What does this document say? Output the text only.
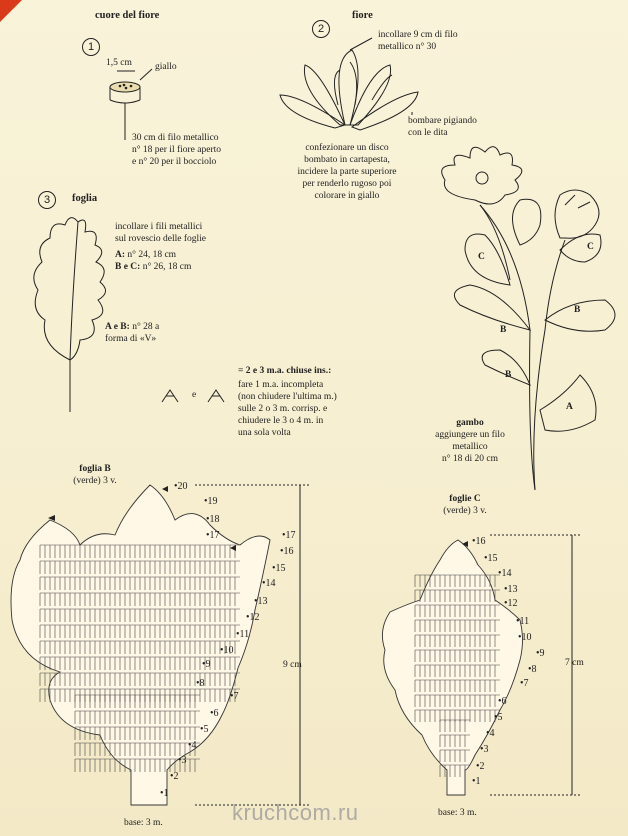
cuore del fiore	fiore
foglia
1
2
3
1,5 cm giallo
30 cm di filo metallico
n° 18 per il fiore aperto
e n° 20 per il bocciolo
incollare 9 cm di filo
metallico n° 30
bombare pigiando
con le dita
confezionare un disco
bombato in cartapesta,
incidere la parte superiore
per renderlo rugoso poi
colorare in giallo
incollare i fili metallici
sul rovescio delle foglie
A: n° 24, 18 cm
B e C: n° 26, 18 cm
A e B: n° 28 a
forma di «V»
e
= 2 e 3 m.a. chiuse ins.:
fare 1 m.a. incompleta
(non chiudere l'ultima m.)
sulle 2 o 3 m. corrisp. e
chiudere le 3 o 4 m. in
una sola volta
gambo
aggiungere un filo
metallico
n° 18 di 20 cm
C
C
B
B
B
A
foglia B
(verde) 3 v.
9 cm
base: 3 m.
foglie C
(verde) 3 v.
7 cm
base: 3 m.
kruchcom.ru
•1
•2
•3
•4
•5
•6
•7
•8
•9
•10
•11
•12
•13
•14
•15
•16
•17
•17
•18
•19
•20
•1
•2
•3
•4
•5
•6
•7
•8
•9
•10
•11
•12
•13
•14
•15
•16
